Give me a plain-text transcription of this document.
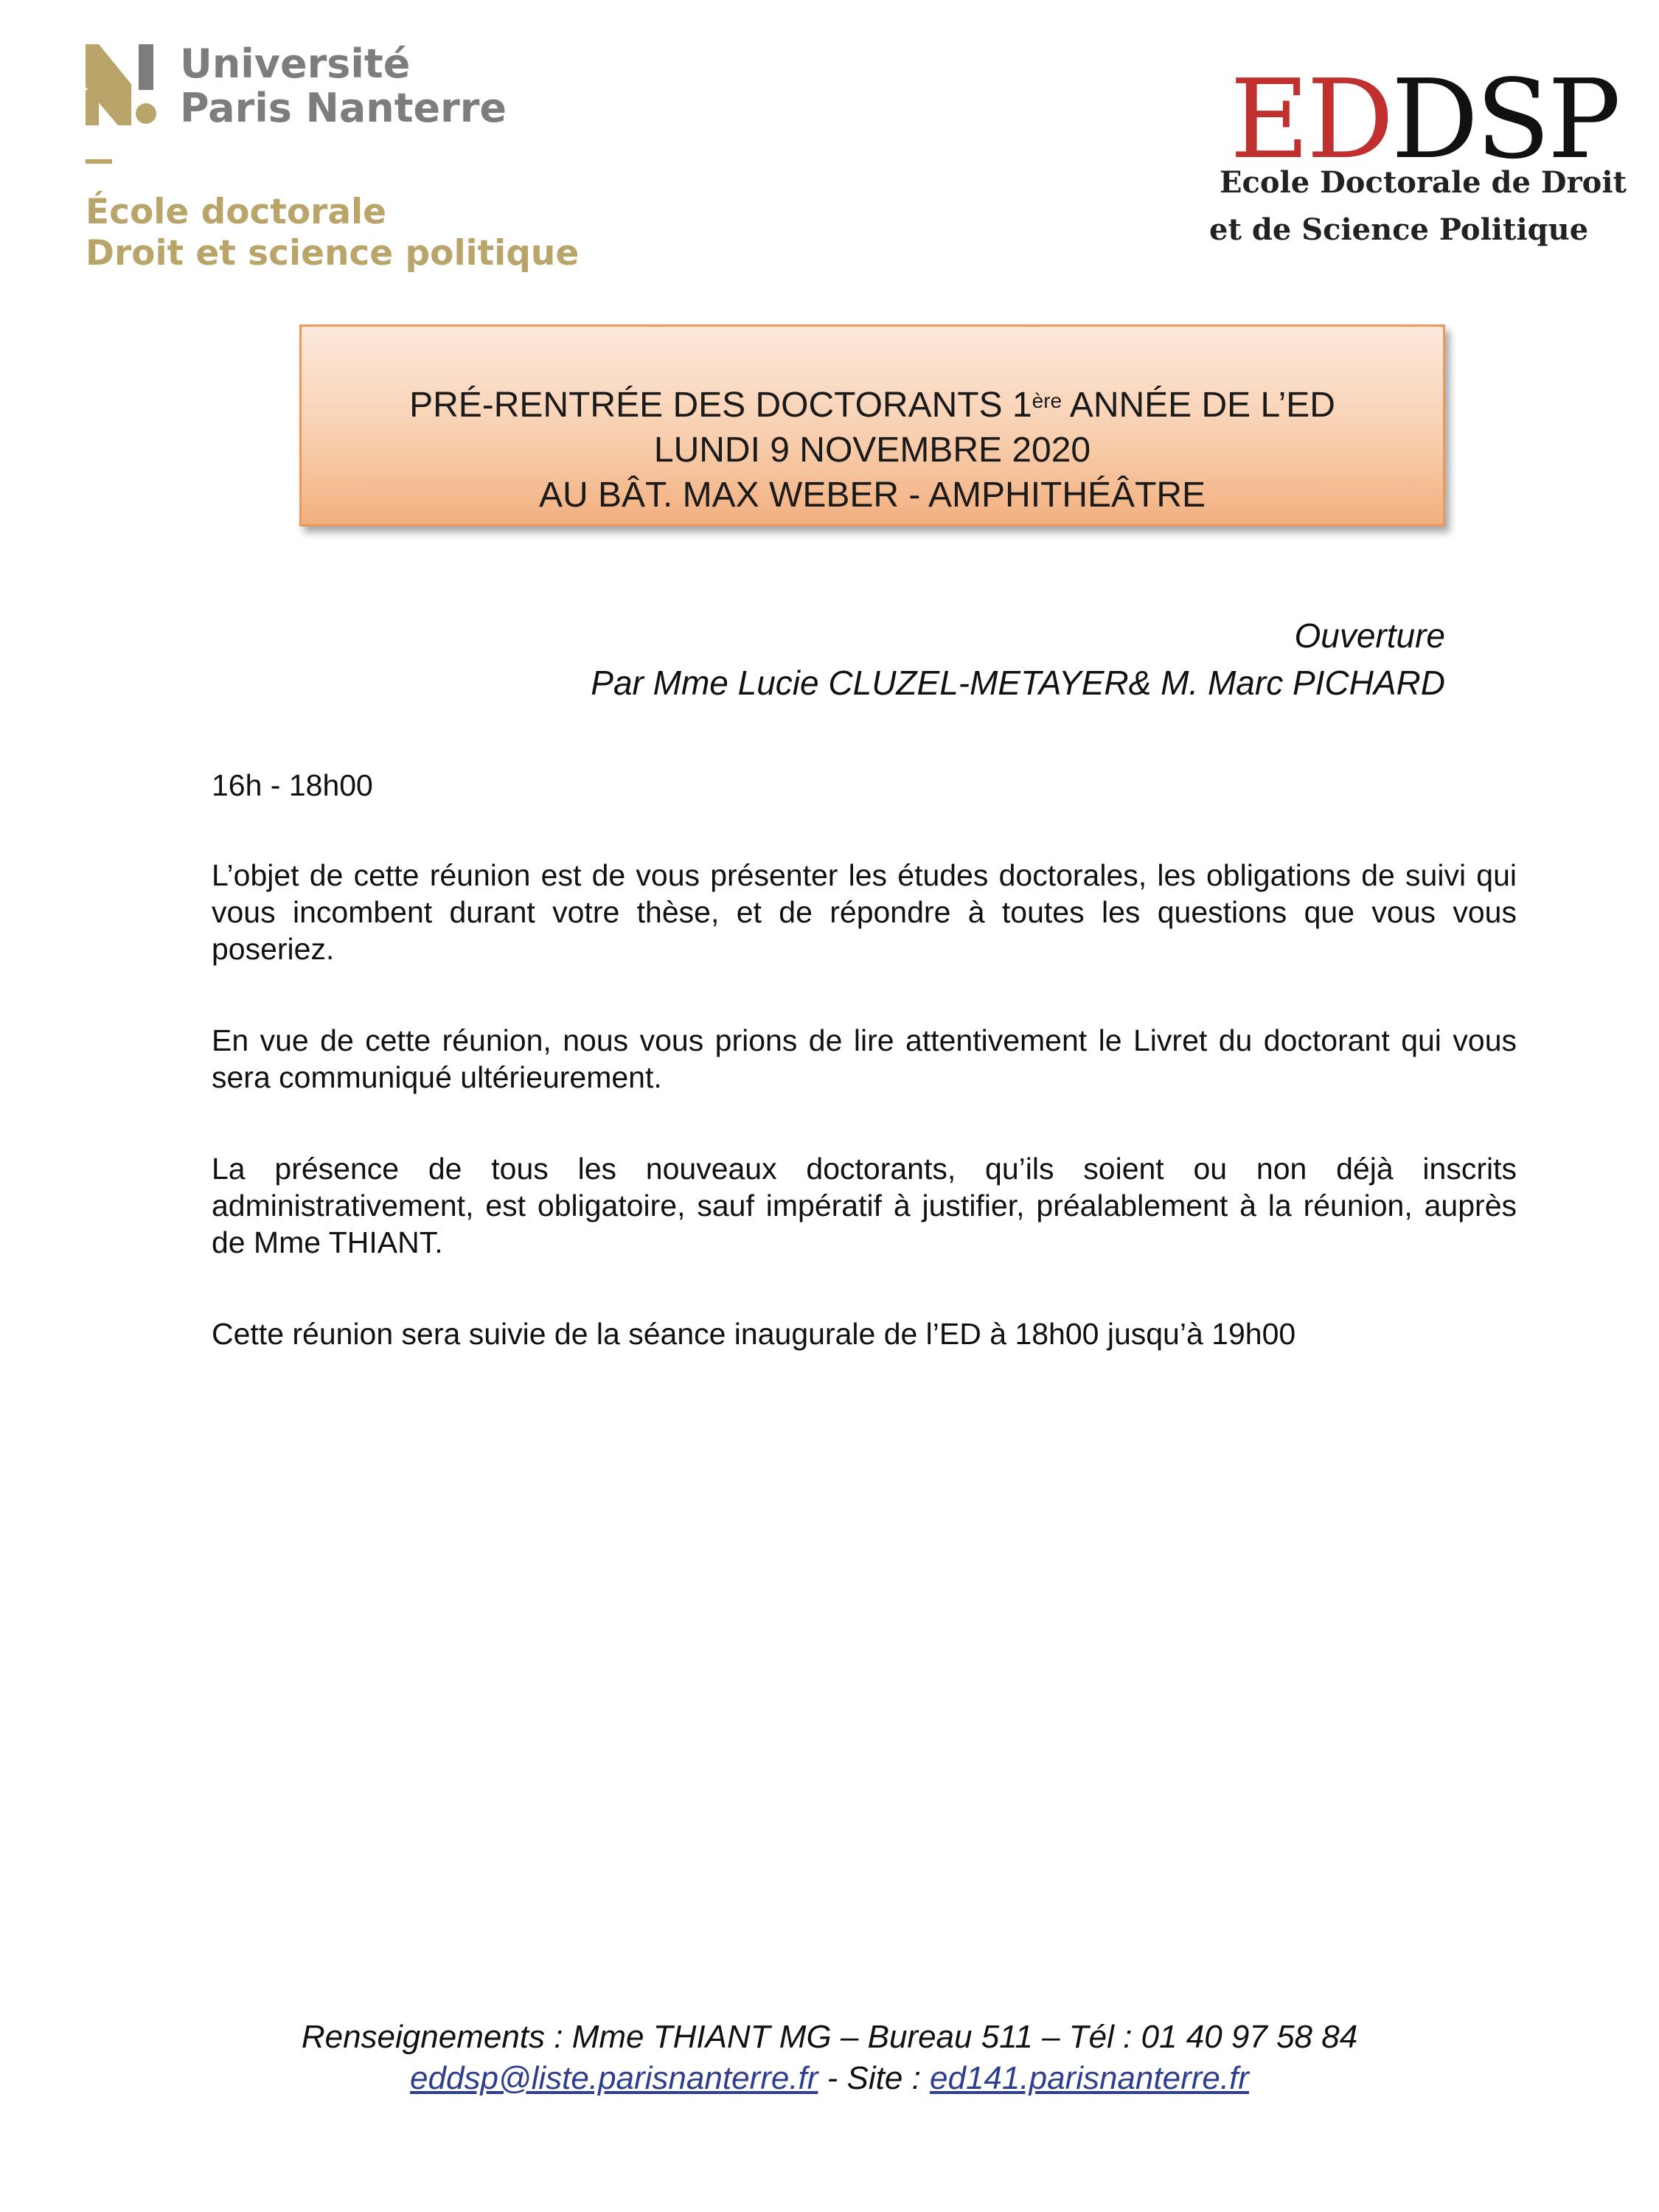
Université
Paris Nanterre
École doctorale
Droit et science politique
EDDSP
Ecole Doctorale de Droit
et de Science Politique
PRÉ-RENTRÉE DES DOCTORANTS 1ère ANNÉE DE L’ED
LUNDI 9 NOVEMBRE 2020
AU BÂT. MAX WEBER - AMPHITHÉÂTRE
Ouverture
Par Mme Lucie CLUZEL-METAYER& M. Marc PICHARD

16h - 18h00

L’objet de cette réunion est de vous présenter les études doctorales, les obligations de suivi qui vous incombent durant votre thèse, et de répondre à toutes les questions que vous vous poseriez.

En vue de cette réunion, nous vous prions de lire attentivement le Livret du doctorant qui vous sera communiqué ultérieurement.

La présence de tous les nouveaux doctorants, qu’ils soient ou non déjà inscrits administrativement, est obligatoire, sauf impératif à justifier, préalablement à la réunion, auprès de Mme THIANT.

Cette réunion sera suivie de la séance inaugurale de l’ED à 18h00 jusqu’à 19h00

Renseignements : Mme THIANT MG – Bureau 511 – Tél : 01 40 97 58 84
eddsp@liste.parisnanterre.fr - Site : ed141.parisnanterre.fr
